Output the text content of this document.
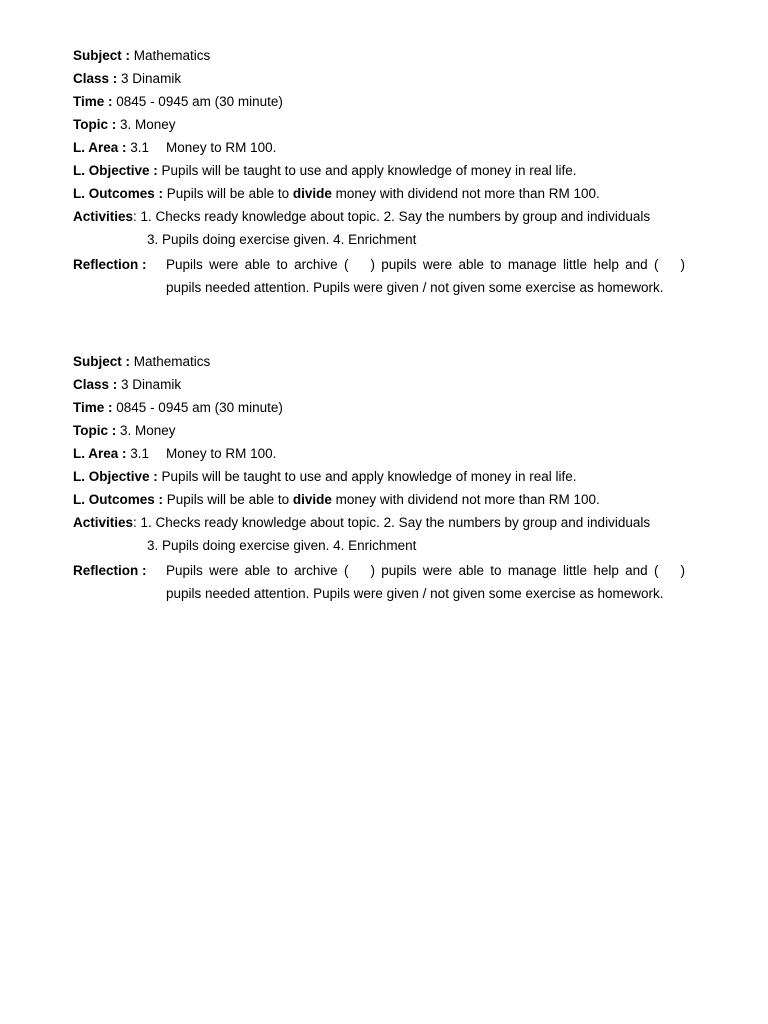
Subject : Mathematics
Class : 3 Dinamik
Time : 0845 - 0945 am (30 minute)
Topic : 3. Money
L. Area : 3.1 Money to RM 100.
L. Objective : Pupils will be taught to use and apply knowledge of money in real life.
L. Outcomes : Pupils will be able to divide money with dividend not more than RM 100.
Activities: 1. Checks ready knowledge about topic. 2. Say the numbers by group and individuals
3. Pupils doing exercise given. 4. Enrichment
Reflection :	Pupils were able to archive ( ) pupils were able to manage little help and ( ) pupils needed attention. Pupils were given / not given some exercise as homework.
Subject : Mathematics
Class : 3 Dinamik
Time : 0845 - 0945 am (30 minute)
Topic : 3. Money
L. Area : 3.1 Money to RM 100.
L. Objective : Pupils will be taught to use and apply knowledge of money in real life.
L. Outcomes : Pupils will be able to divide money with dividend not more than RM 100.
Activities: 1. Checks ready knowledge about topic. 2. Say the numbers by group and individuals
3. Pupils doing exercise given. 4. Enrichment
Reflection :	Pupils were able to archive ( ) pupils were able to manage little help and ( ) pupils needed attention. Pupils were given / not given some exercise as homework.
